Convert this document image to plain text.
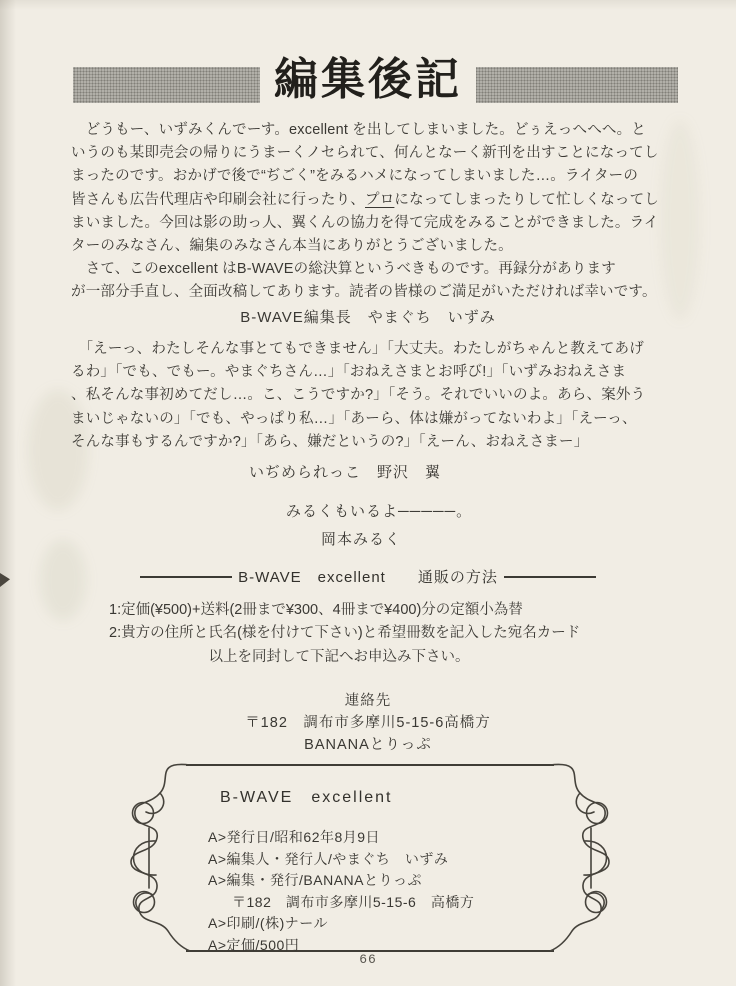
編集後記
　どうもー、いずみくんでーす。excellent を出してしまいました。どぅえっへへへ。と
いうのも某即売会の帰りにうまーくノセられて、何んとなーく新刊を出すことになってし
まったのです。おかげで後で“ぢごく”をみるハメになってしまいました…。ライターの
皆さんも広告代理店や印刷会社に行ったり、プロになってしまったりして忙しくなってし
まいました。今回は影の助っ人、翼くんの協力を得て完成をみることができました。ライ
ターのみなさん、編集のみなさん本当にありがとうございました。
　さて、このexcellent はB-WAVEの総決算というべきものです。再録分があります
が一部分手直し、全面改稿してあります。読者の皆様のご満足がいただければ幸いです。
B-WAVE編集長　やまぐち　いずみ
　「えーっ、わたしそんな事とてもできません」「大丈夫。わたしがちゃんと教えてあげ
るわ」「でも、でもー。やまぐちさん…」「おねえさまとお呼び!」「いずみおねえさま
、私そんな事初めてだし…。こ、こうですか?」「そう。それでいいのよ。あら、案外う
まいじゃないの」「でも、やっぱり私…」「あーら、体は嫌がってないわよ」「えーっ、
そんな事もするんですか?」「あら、嫌だというの?」「えーん、おねえさまー」
いぢめられっこ　野沢　翼
みるくもいるよ─────。
岡本みるく
B-WAVE　excellent　　通販の方法
1:定価(¥500)+送料(2冊まで¥300、4冊まで¥400)分の定額小為替
2:貴方の住所と氏名(様を付けて下さい)と希望冊数を記入した宛名カード
以上を同封して下記へお申込み下さい。
連絡先
〒182　調布市多摩川5-15-6高橋方
BANANAとりっぷ
B-WAVE　excellent
A>発行日/昭和62年8月9日
A>編集人・発行人/やまぐち　いずみ
A>編集・発行/BANANAとりっぷ
〒182　調布市多摩川5-15-6　高橋方
A>印刷/(株)ナール
A>定価/500円
66
